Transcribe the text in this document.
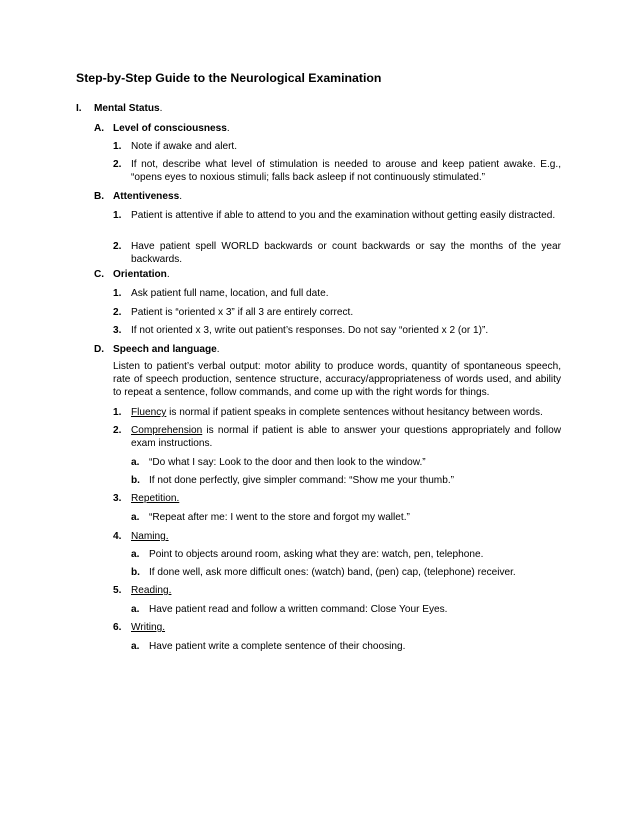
Step-by-Step Guide to the Neurological Examination
I. Mental Status.
A. Level of consciousness.
1. Note if awake and alert.
2. If not, describe what level of stimulation is needed to arouse and keep patient awake. E.g., “opens eyes to noxious stimuli; falls back asleep if not continuously stimulated.”
B. Attentiveness.
1. Patient is attentive if able to attend to you and the examination without getting easily distracted.
2. Have patient spell WORLD backwards or count backwards or say the months of the year backwards.
C. Orientation.
1. Ask patient full name, location, and full date.
2. Patient is “oriented x 3” if all 3 are entirely correct.
3. If not oriented x 3, write out patient’s responses. Do not say “oriented x 2 (or 1)”.
D. Speech and language.
Listen to patient’s verbal output: motor ability to produce words, quantity of spontaneous speech, rate of speech production, sentence structure, accuracy/appropriateness of words used, and ability to repeat a sentence, follow commands, and come up with the right words for things.
1. Fluency is normal if patient speaks in complete sentences without hesitancy between words.
2. Comprehension is normal if patient is able to answer your questions appropriately and follow exam instructions.
a. “Do what I say: Look to the door and then look to the window.”
b. If not done perfectly, give simpler command: “Show me your thumb.”
3. Repetition.
a. “Repeat after me: I went to the store and forgot my wallet.”
4. Naming.
a. Point to objects around room, asking what they are: watch, pen, telephone.
b. If done well, ask more difficult ones: (watch) band, (pen) cap, (telephone) receiver.
5. Reading.
a. Have patient read and follow a written command: Close Your Eyes.
6. Writing.
a. Have patient write a complete sentence of their choosing.
